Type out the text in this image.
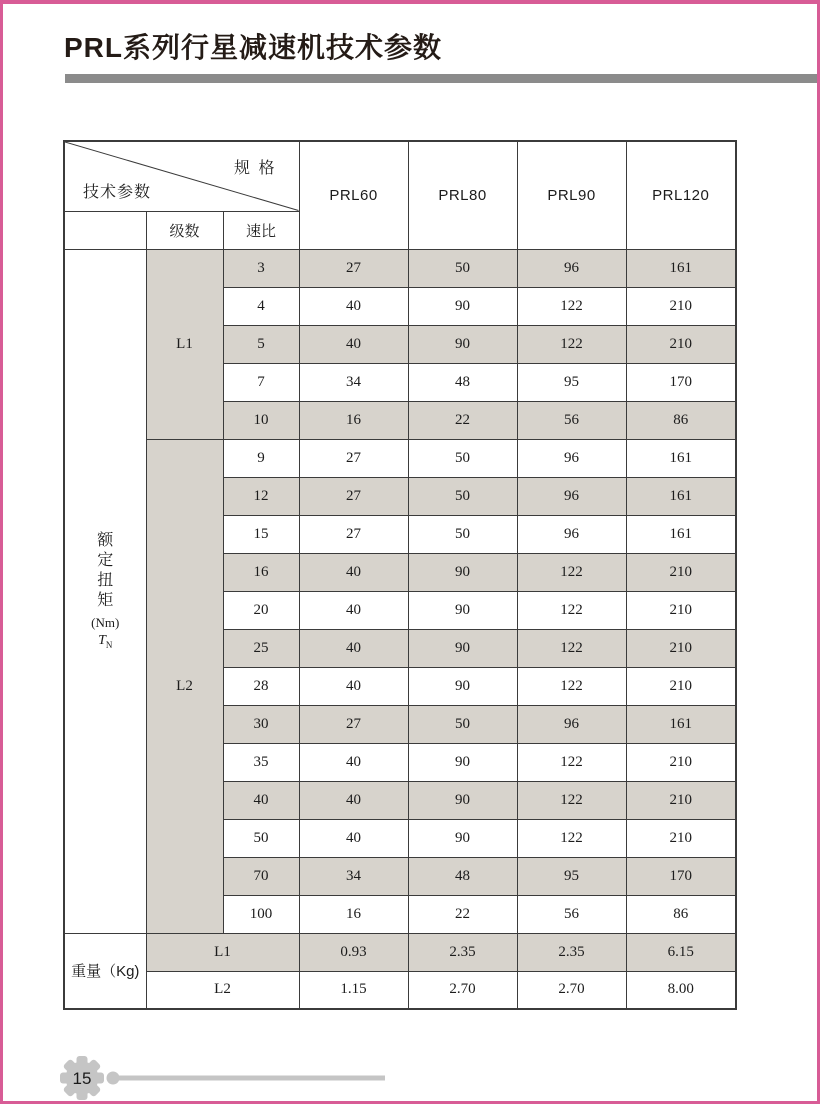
PRL系列行星减速机技术参数
规 格
技术参数			PRL60	PRL80	PRL90	PRL120
	级数	速比				

额定扭矩
(Nm)
$T_N$	L1	3	27	50	96	161
		4	40	90	122	210
		5	40	90	122	210
		7	34	48	95	170
		10	16	22	56	86
	L2	9	27	50	96	161
		12	27	50	96	161
		15	27	50	96	161
		16	40	90	122	210
		20	40	90	122	210
		25	40	90	122	210
		28	40	90	122	210
		30	27	50	96	161
		35	40	90	122	210
		40	40	90	122	210
		50	40	90	122	210
		70	34	48	95	170
		100	16	22	56	86
重量（Kg)	L1		0.93	2.35	2.35	6.15
	L2		1.15	2.70	2.70	8.00
15
